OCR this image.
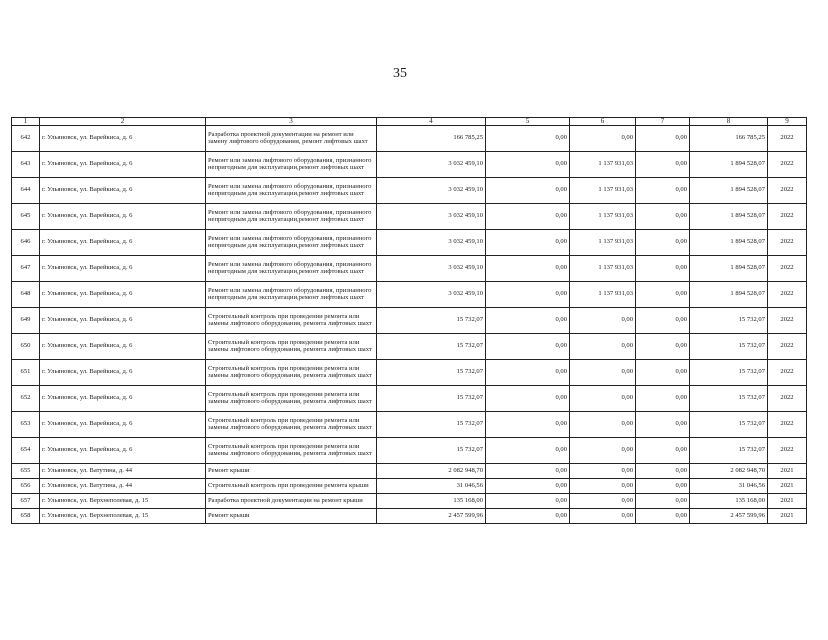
35
1	2	3	4	5	6	7	8	9
642	г. Ульяновск, ул. Варейкиса, д. 6	Разработка проектной документации на ремонт или замену лифтового оборудования, ремонт лифтовых шахт	166 785,25	0,00	0,00	0,00	166 785,25	2022
643	г. Ульяновск, ул. Варейкиса, д. 6	Ремонт или замена лифтового оборудования, признанного непригодным для эксплуатации,ремонт лифтовых шахт	3 032 459,10	0,00	1 137 931,03	0,00	1 894 528,07	2022
644	г. Ульяновск, ул. Варейкиса, д. 6	Ремонт или замена лифтового оборудования, признанного непригодным для эксплуатации,ремонт лифтовых шахт	3 032 459,10	0,00	1 137 931,03	0,00	1 894 528,07	2022
645	г. Ульяновск, ул. Варейкиса, д. 6	Ремонт или замена лифтового оборудования, признанного непригодным для эксплуатации,ремонт лифтовых шахт	3 032 459,10	0,00	1 137 931,03	0,00	1 894 528,07	2022
646	г. Ульяновск, ул. Варейкиса, д. 6	Ремонт или замена лифтового оборудования, признанного непригодным для эксплуатации,ремонт лифтовых шахт	3 032 459,10	0,00	1 137 931,03	0,00	1 894 528,07	2022
647	г. Ульяновск, ул. Варейкиса, д. 6	Ремонт или замена лифтового оборудования, признанного непригодным для эксплуатации,ремонт лифтовых шахт	3 032 459,10	0,00	1 137 931,03	0,00	1 894 528,07	2022
648	г. Ульяновск, ул. Варейкиса, д. 6	Ремонт или замена лифтового оборудования, признанного непригодным для эксплуатации,ремонт лифтовых шахт	3 032 459,10	0,00	1 137 931,03	0,00	1 894 528,07	2022
649	г. Ульяновск, ул. Варейкиса, д. 6	Строительный контроль при проведении ремонта или замены лифтового оборудования, ремонта лифтовых шахт	15 732,07	0,00	0,00	0,00	15 732,07	2022
650	г. Ульяновск, ул. Варейкиса, д. 6	Строительный контроль при проведении ремонта или замены лифтового оборудования, ремонта лифтовых шахт	15 732,07	0,00	0,00	0,00	15 732,07	2022
651	г. Ульяновск, ул. Варейкиса, д. 6	Строительный контроль при проведении ремонта или замены лифтового оборудования, ремонта лифтовых шахт	15 732,07	0,00	0,00	0,00	15 732,07	2022
652	г. Ульяновск, ул. Варейкиса, д. 6	Строительный контроль при проведении ремонта или замены лифтового оборудования, ремонта лифтовых шахт	15 732,07	0,00	0,00	0,00	15 732,07	2022
653	г. Ульяновск, ул. Варейкиса, д. 6	Строительный контроль при проведении ремонта или замены лифтового оборудования, ремонта лифтовых шахт	15 732,07	0,00	0,00	0,00	15 732,07	2022
654	г. Ульяновск, ул. Варейкиса, д. 6	Строительный контроль при проведении ремонта или замены лифтового оборудования, ремонта лифтовых шахт	15 732,07	0,00	0,00	0,00	15 732,07	2022
655	г. Ульяновск, ул. Ватутина, д. 44	Ремонт крыши	2 082 948,70	0,00	0,00	0,00	2 082 948,70	2021
656	г. Ульяновск, ул. Ватутина, д. 44	Строительный контроль при проведении ремонта крыши	31 046,56	0,00	0,00	0,00	31 046,56	2021
657	г. Ульяновск, ул. Верхнеполевая, д. 15	Разработка проектной документации на ремонт крыши	135 168,00	0,00	0,00	0,00	135 168,00	2021
658	г. Ульяновск, ул. Верхнеполевая, д. 15	Ремонт крыши	2 457 599,96	0,00	0,00	0,00	2 457 599,96	2021
